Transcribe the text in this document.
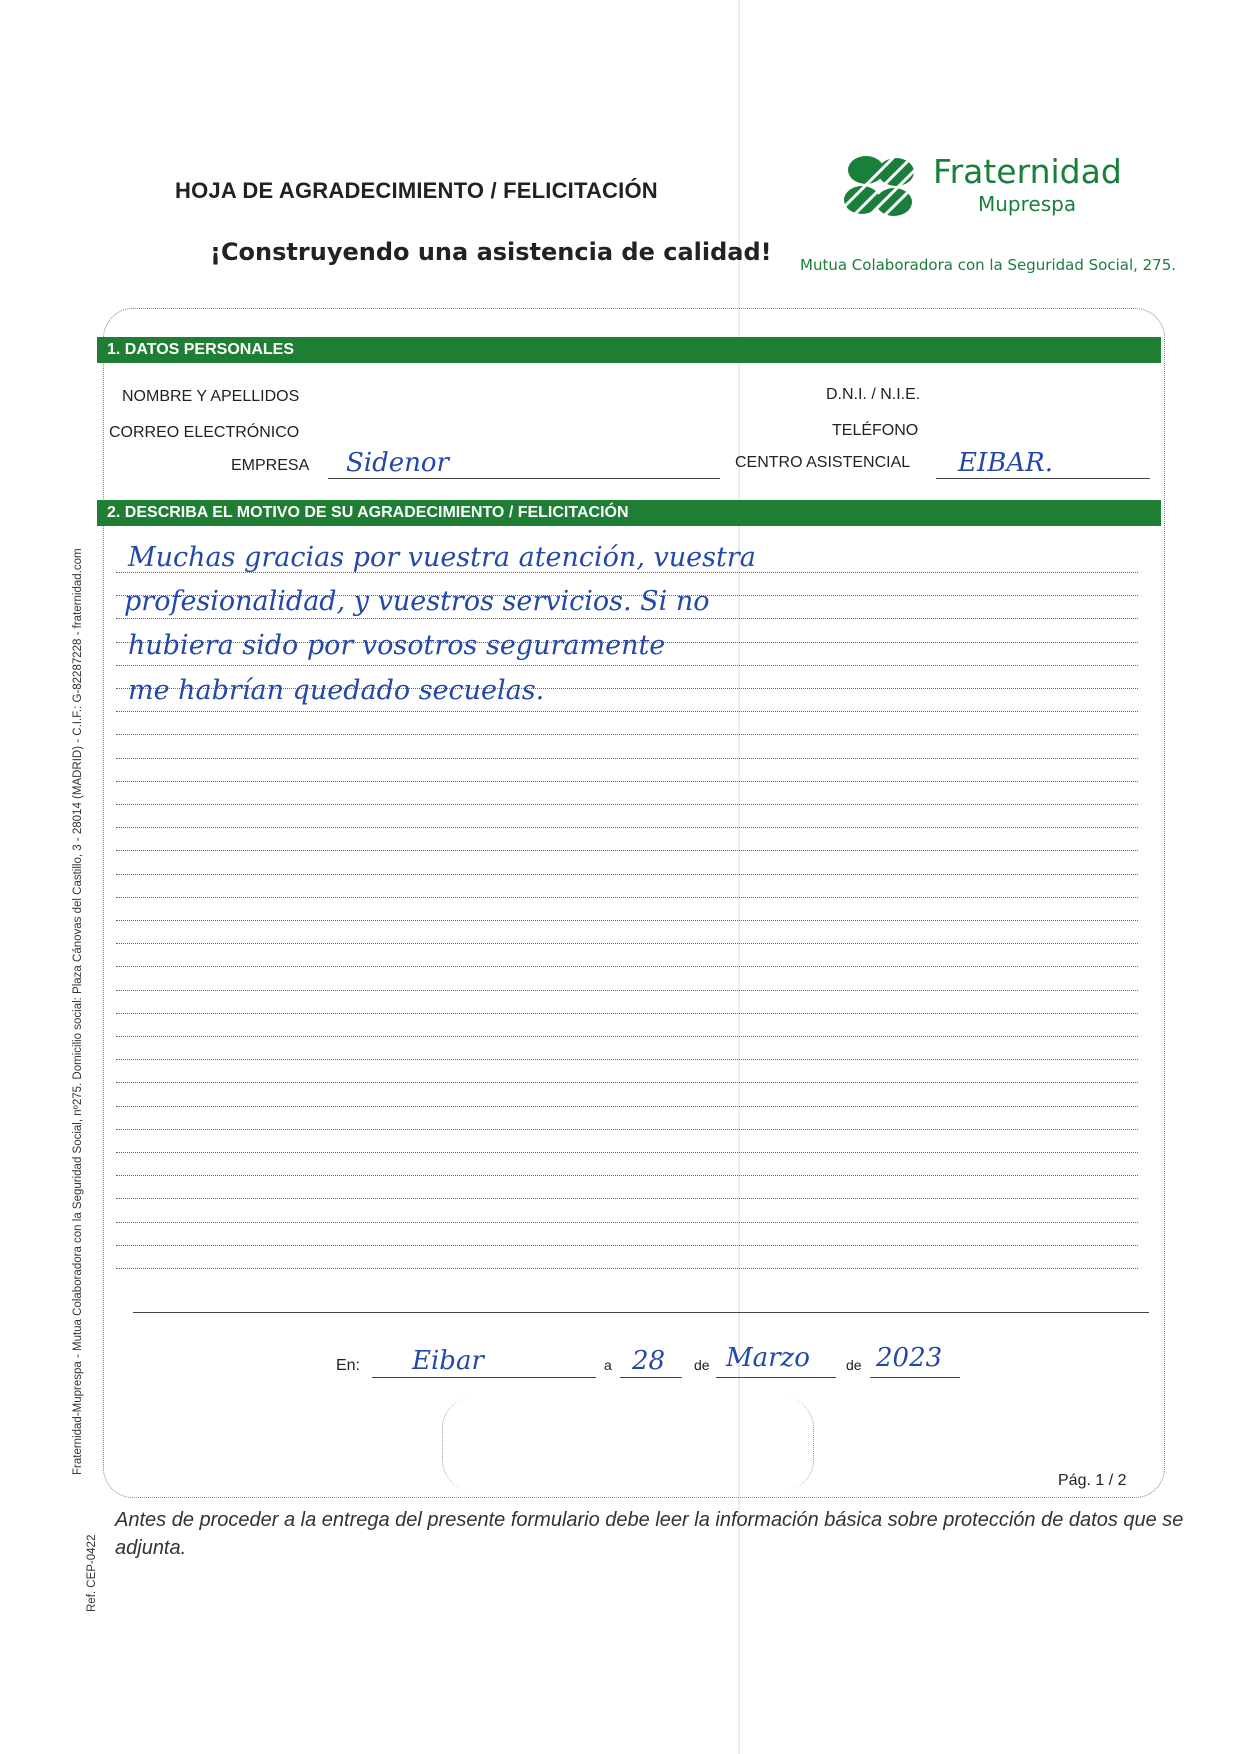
HOJA DE AGRADECIMIENTO / FELICITACIÓN
¡Construyendo una asistencia de calidad!
Fraternidad
Muprespa
Mutua Colaboradora con la Seguridad Social, 275.
1. DATOS PERSONALES
NOMBRE Y APELLIDOS	D.N.I. / N.I.E.
CORREO ELECTRÓNICO	TELÉFONO
EMPRESA Sidenor	CENTRO ASISTENCIAL EIBAR.
2. DESCRIBA EL MOTIVO DE SU AGRADECIMIENTO / FELICITACIÓN
Muchas gracias por vuestra atención, vuestra
profesionalidad, y vuestros servicios. Si no
hubiera sido por vosotros seguramente
me habrían quedado secuelas.
En: Eibar	a 28 de Marzo	de 2023
Pág. 1 / 2
Antes de proceder a la entrega del presente formulario debe leer la información básica sobre protección de datos que se adjunta.
Fraternidad-Muprespa - Mutua Colaboradora con la Seguridad Social, nº275. Domicilio social: Plaza Cánovas del Castillo, 3 - 28014 (MADRID) - C.I.F.: G-82287228 - fraternidad.com
Ref. CEP-0422
